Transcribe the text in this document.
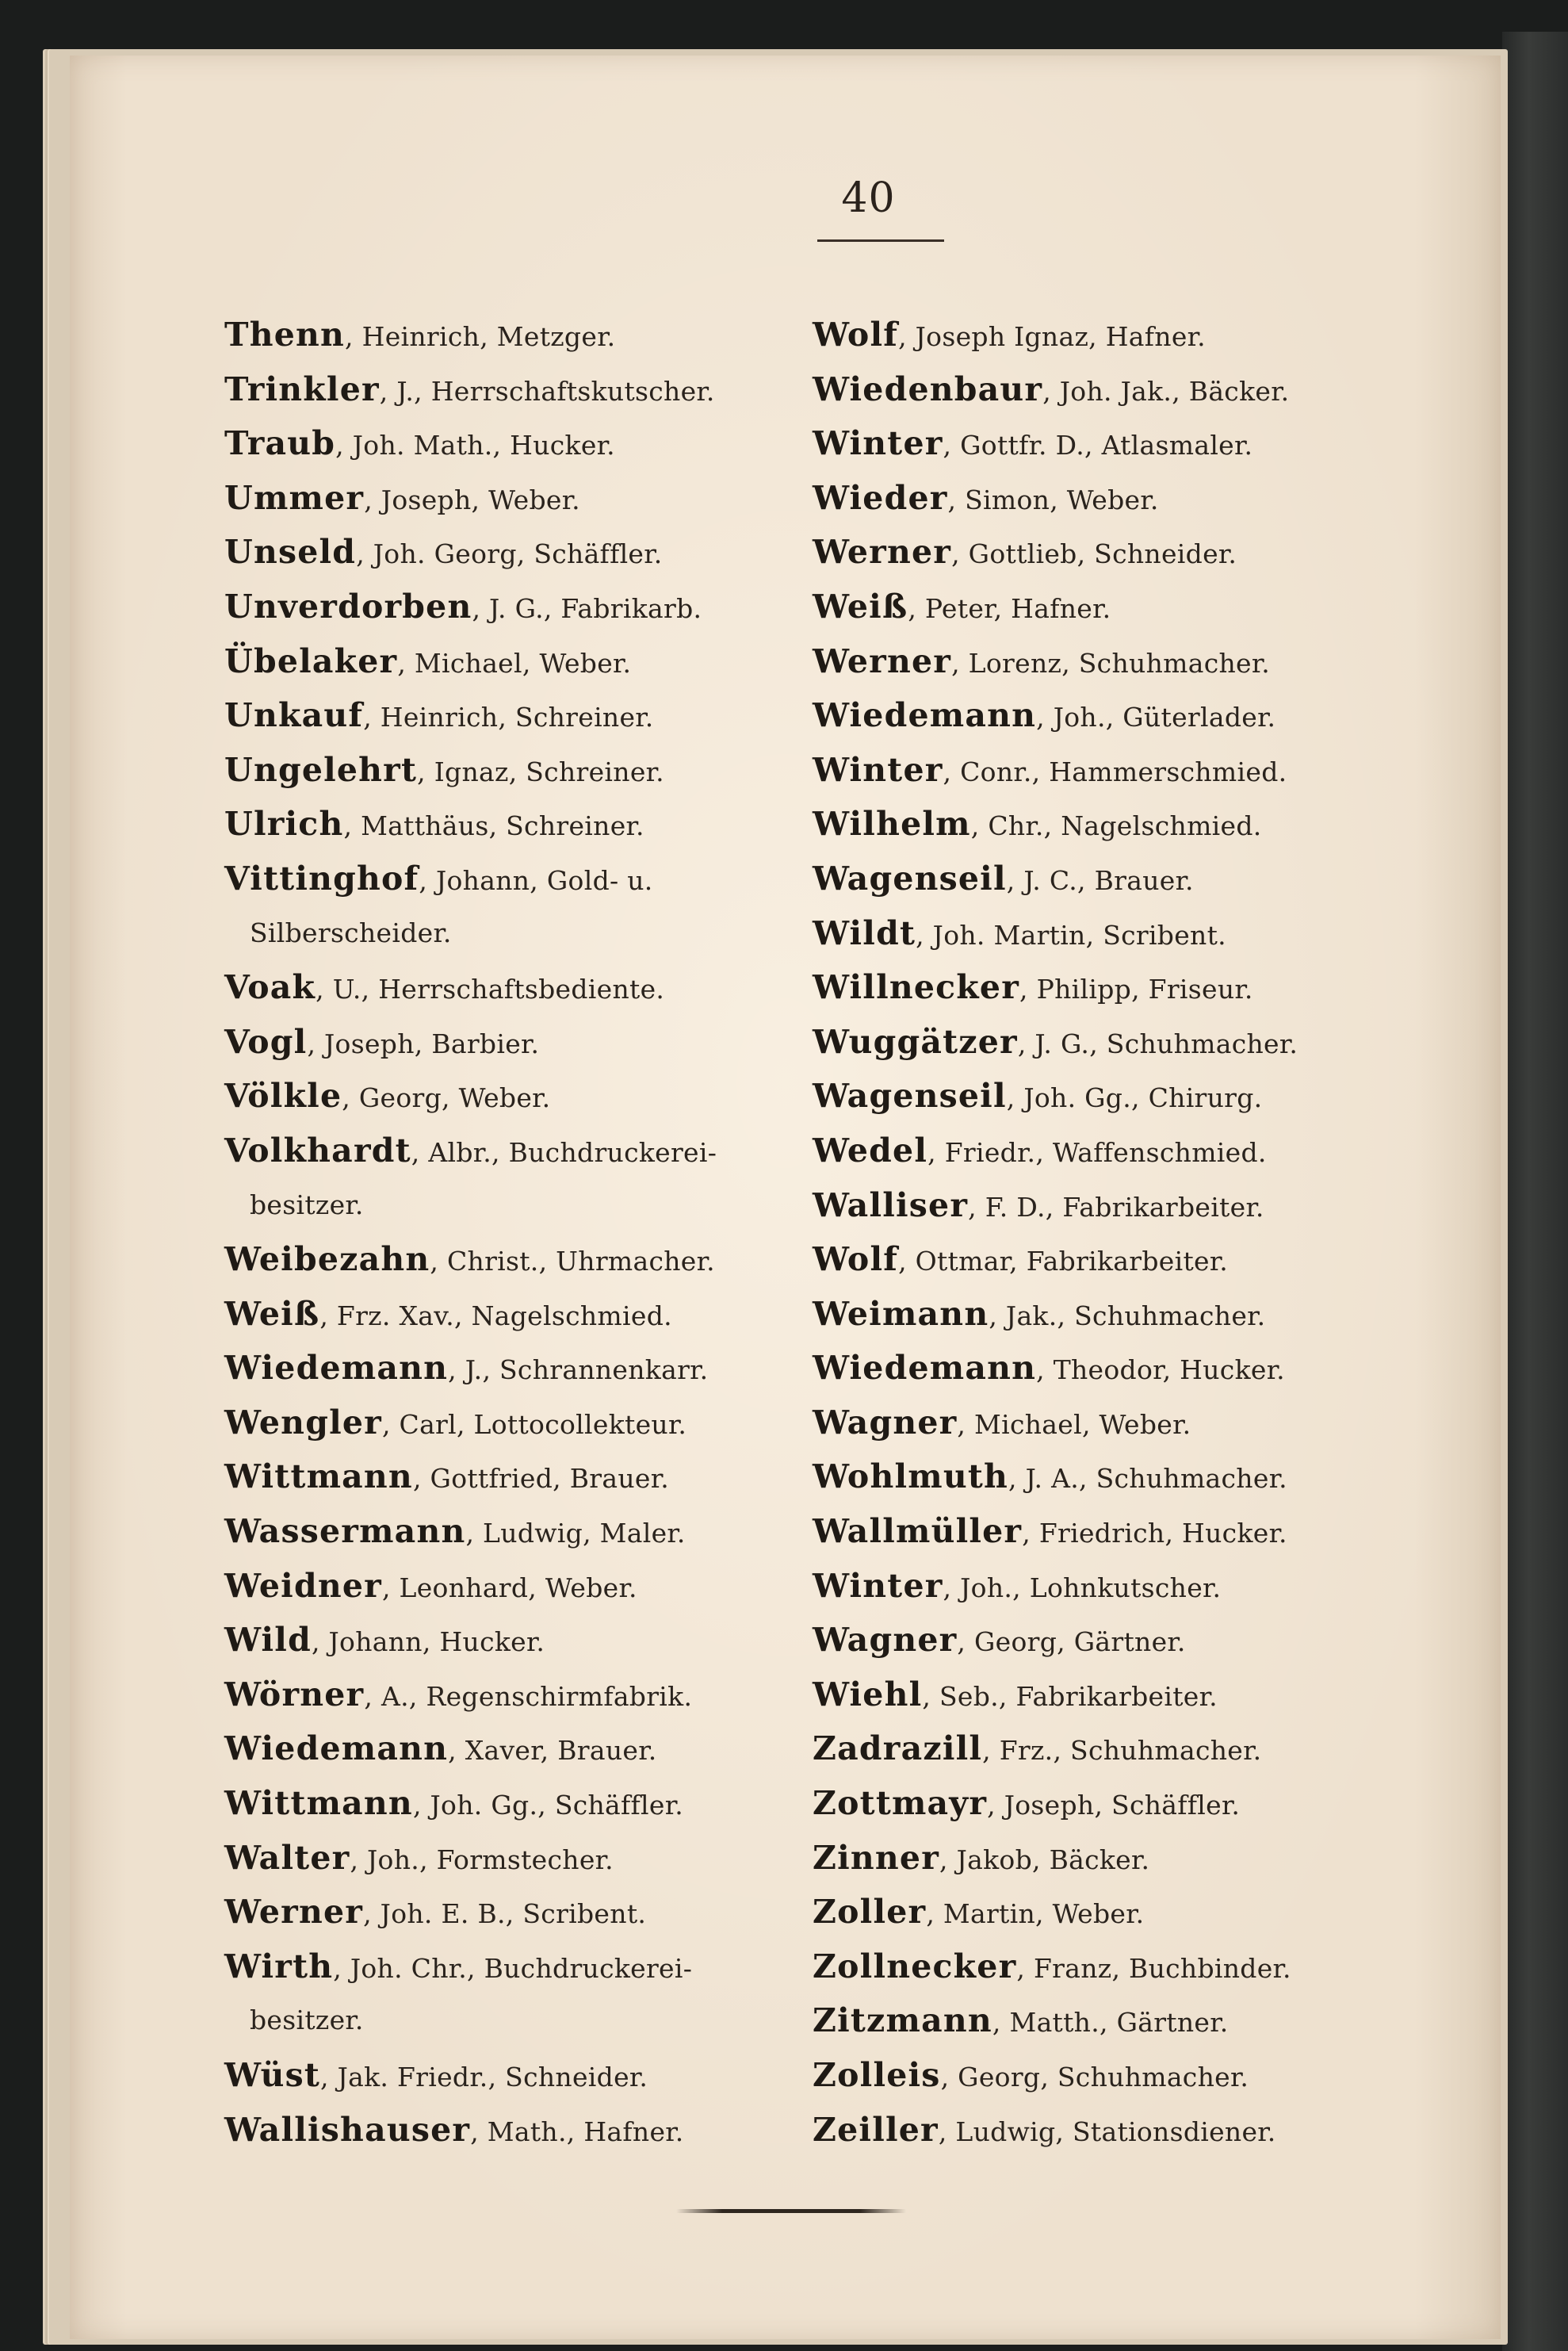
40
Thenn, Heinrich, Metzger.
Trinkler, J., Herrschaftskutscher.
Traub, Joh. Math., Hucker.
Ummer, Joseph, Weber.
Unseld, Joh. Georg, Schäffler.
Unverdorben, J. G., Fabrikarb.
Übelaker, Michael, Weber.
Unkauf, Heinrich, Schreiner.
Ungelehrt, Ignaz, Schreiner.
Ulrich, Matthäus, Schreiner.
Vittinghof, Johann, Gold- u.
Silberscheider.
Voak, U., Herrschaftsbediente.
Vogl, Joseph, Barbier.
Völkle, Georg, Weber.
Volkhardt, Albr., Buchdruckerei-
besitzer.
Weibezahn, Christ., Uhrmacher.
Weiß, Frz. Xav., Nagelschmied.
Wiedemann, J., Schrannenkarr.
Wengler, Carl, Lottocollekteur.
Wittmann, Gottfried, Brauer.
Wassermann, Ludwig, Maler.
Weidner, Leonhard, Weber.
Wild, Johann, Hucker.
Wörner, A., Regenschirmfabrik.
Wiedemann, Xaver, Brauer.
Wittmann, Joh. Gg., Schäffler.
Walter, Joh., Formstecher.
Werner, Joh. E. B., Scribent.
Wirth, Joh. Chr., Buchdruckerei-
besitzer.
Wüst, Jak. Friedr., Schneider.
Wallishauser, Math., Hafner.
Wolf, Joseph Ignaz, Hafner.
Wiedenbaur, Joh. Jak., Bäcker.
Winter, Gottfr. D., Atlasmaler.
Wieder, Simon, Weber.
Werner, Gottlieb, Schneider.
Weiß, Peter, Hafner.
Werner, Lorenz, Schuhmacher.
Wiedemann, Joh., Güterlader.
Winter, Conr., Hammerschmied.
Wilhelm, Chr., Nagelschmied.
Wagenseil, J. C., Brauer.
Wildt, Joh. Martin, Scribent.
Willnecker, Philipp, Friseur.
Wuggätzer, J. G., Schuhmacher.
Wagenseil, Joh. Gg., Chirurg.
Wedel, Friedr., Waffenschmied.
Walliser, F. D., Fabrikarbeiter.
Wolf, Ottmar, Fabrikarbeiter.
Weimann, Jak., Schuhmacher.
Wiedemann, Theodor, Hucker.
Wagner, Michael, Weber.
Wohlmuth, J. A., Schuhmacher.
Wallmüller, Friedrich, Hucker.
Winter, Joh., Lohnkutscher.
Wagner, Georg, Gärtner.
Wiehl, Seb., Fabrikarbeiter.
Zadrazill, Frz., Schuhmacher.
Zottmayr, Joseph, Schäffler.
Zinner, Jakob, Bäcker.
Zoller, Martin, Weber.
Zollnecker, Franz, Buchbinder.
Zitzmann, Matth., Gärtner.
Zolleis, Georg, Schuhmacher.
Zeiller, Ludwig, Stationsdiener.
